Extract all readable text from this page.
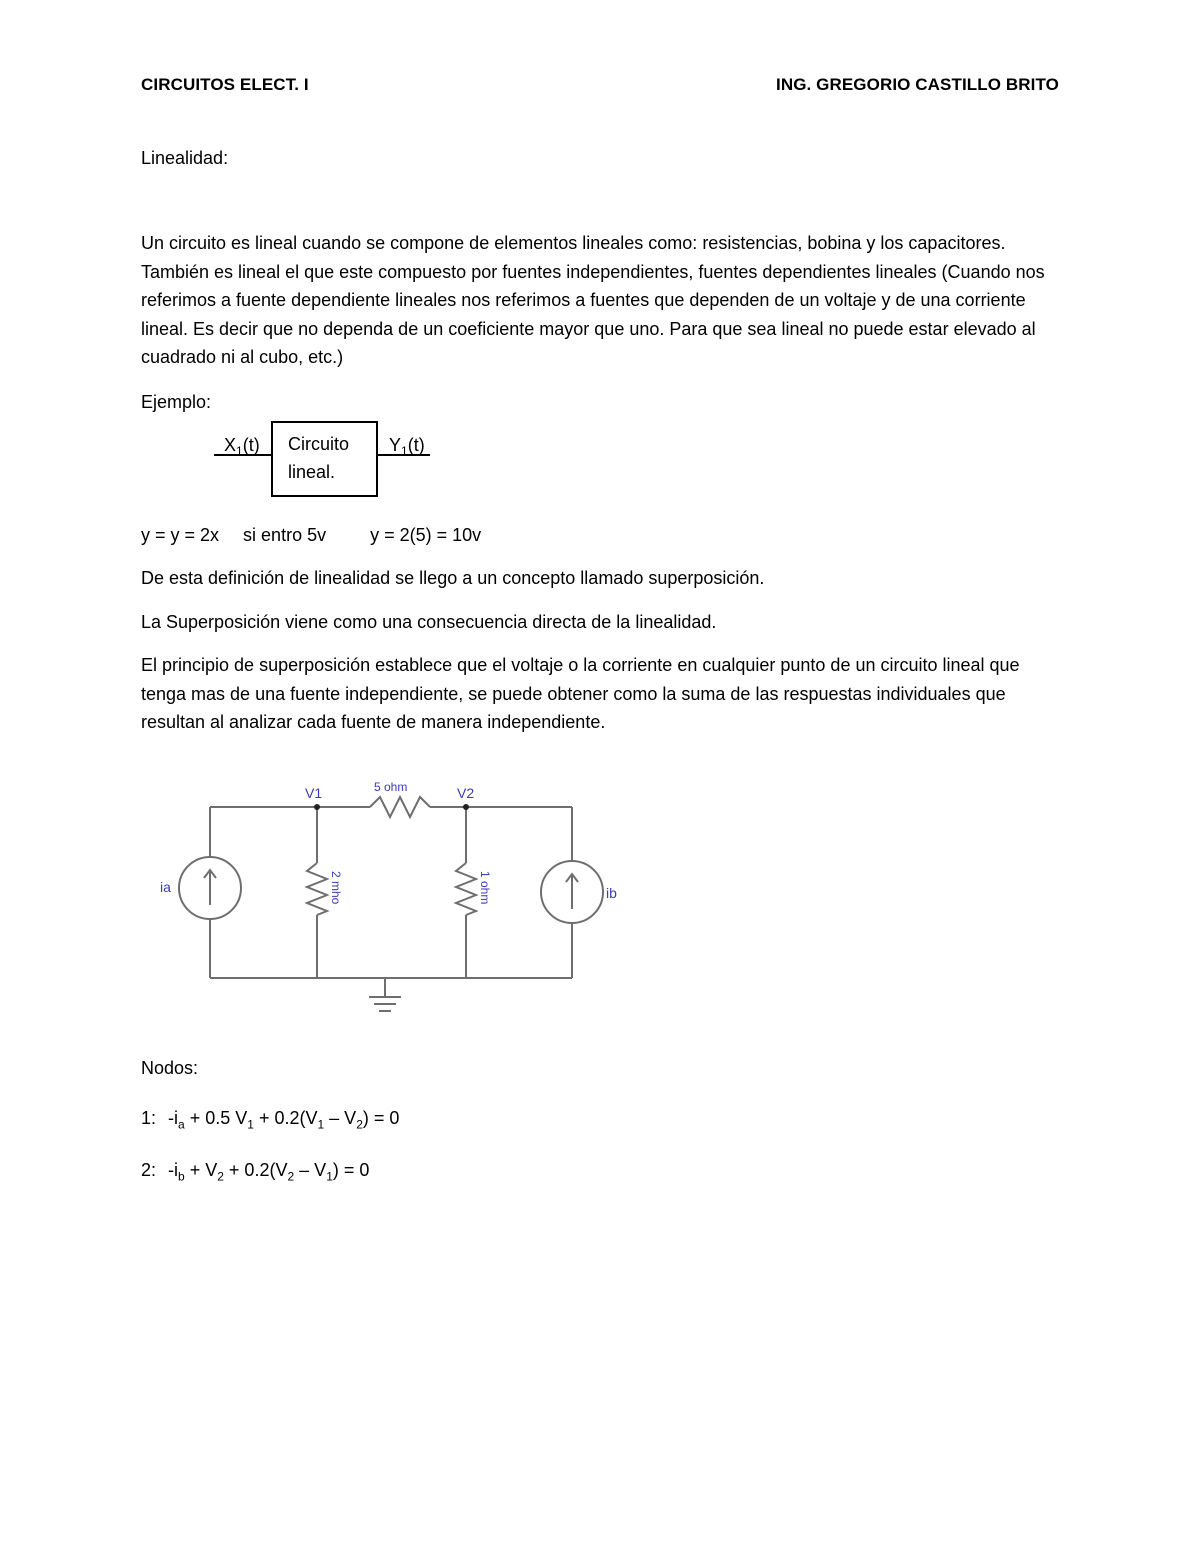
CIRCUITOS ELECT. I	ING. GREGORIO CASTILLO BRITO

Linealidad:

Un circuito es lineal cuando se compone de elementos lineales como: resistencias, bobina y los capacitores. También es lineal el que este compuesto por fuentes independientes, fuentes dependientes lineales (Cuando nos referimos a fuente dependiente lineales nos referimos a fuentes que dependen de un voltaje y de una corriente lineal. Es decir que no dependa de un coeficiente mayor que uno. Para que sea lineal no puede estar elevado al cuadrado ni al cubo, etc.)

Ejemplo:

$X_1(t)$ Circuito
lineal.
$Y_1(t)$
y = y = 2x si entro 5v y = 2(5) = 10v

De esta definición de linealidad se llego a un concepto llamado superposición.

La Superposición viene como una consecuencia directa de la linealidad.

El principio de superposición establece que el voltaje o la corriente en cualquier punto de un circuito lineal que tenga mas de una fuente independiente, se puede obtener como la suma de las respuestas individuales que resultan al analizar cada fuente de manera independiente.

V1	V2
5 ohm
ia	ib
2 mho	1 ohm

Nodos:

1: $-i_a + 0.5$ $V_1 + 0.2(V_1 - V_2) = 0$
2: $-i_b + V_2 + 0.2(V_2 - V_1) = 0$
